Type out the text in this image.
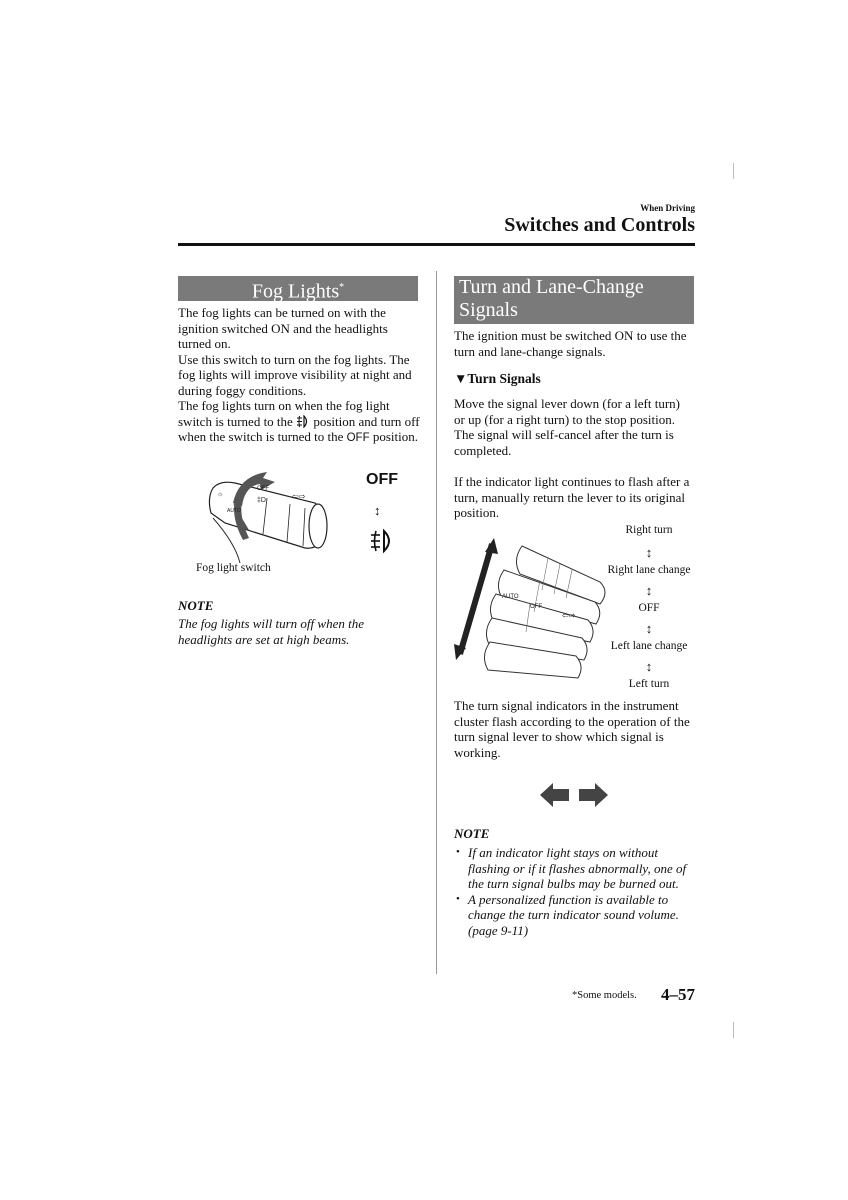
When Driving
Switches and Controls
Fog Lights*
The fog lights can be turned on with the ignition switched ON and the headlights turned on.
Use this switch to turn on the fog lights. The fog lights will improve visibility at night and during foggy conditions.
The fog lights turn on when the fog light switch is turned to the position and turn off when the switch is turned to the OFF position.
OFF
‡D	⇦⇨
☼
AUTO
OFF
↕
Fog light switch
NOTE
The fog lights will turn off when the headlights are set at high beams.
Turn and Lane-Change Signals
The ignition must be switched ON to use the turn and lane-change signals.
▼Turn Signals
Move the signal lever down (for a left turn) or up (for a right turn) to the stop position. The signal will self-cancel after the turn is completed.
If the indicator light continues to flash after a turn, manually return the lever to its original position.
AUTO
OFF
⇦⇨
Right turn
↕
Right lane change
↕
OFF
↕
Left lane change
↕
Left turn
The turn signal indicators in the instrument cluster flash according to the operation of the turn signal lever to show which signal is working.
NOTE
• If an indicator light stays on without flashing or if it flashes abnormally, one of the turn signal bulbs may be burned out.
• A personalized function is available to change the turn indicator sound volume. (page 9-11)
*Some models. 4–57
